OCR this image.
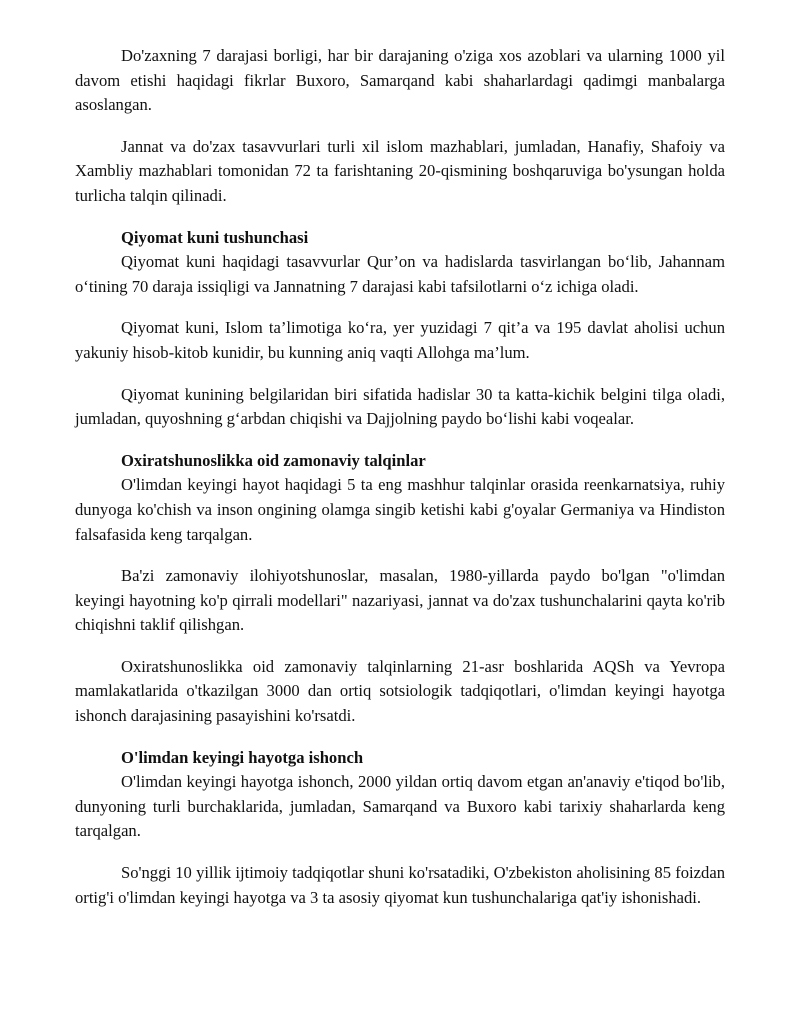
Do'zaxning 7 darajasi borligi, har bir darajaning o'ziga xos azoblari va ularning 1000 yil davom etishi haqidagi fikrlar Buxoro, Samarqand kabi shaharlardagi qadimgi manbalarga asoslangan.

Jannat va do'zax tasavvurlari turli xil islom mazhablari, jumladan, Hanafiy, Shafoiy va Xambliy mazhablari tomonidan 72 ta farishtaning 20-qismining boshqaruviga bo'ysungan holda turlicha talqin qilinadi.

Qiyomat kuni tushunchasi

Qiyomat kuni haqidagi tasavvurlar Qur’on va hadislarda tasvirlangan bo‘lib, Jahannam o‘tining 70 daraja issiqligi va Jannatning 7 darajasi kabi tafsilotlarni o‘z ichiga oladi.

Qiyomat kuni, Islom ta’limotiga ko‘ra, yer yuzidagi 7 qit’a va 195 davlat aholisi uchun yakuniy hisob-kitob kunidir, bu kunning aniq vaqti Allohga ma’lum.

Qiyomat kunining belgilaridan biri sifatida hadislar 30 ta katta-kichik belgini tilga oladi, jumladan, quyoshning g‘arbdan chiqishi va Dajjolning paydo bo‘lishi kabi voqealar.

Oxiratshunoslikka oid zamonaviy talqinlar

O'limdan keyingi hayot haqidagi 5 ta eng mashhur talqinlar orasida reenkarnatsiya, ruhiy dunyoga ko'chish va inson ongining olamga singib ketishi kabi g'oyalar Germaniya va Hindiston falsafasida keng tarqalgan.

Ba'zi zamonaviy ilohiyotshunoslar, masalan, 1980-yillarda paydo bo'lgan "o'limdan keyingi hayotning ko'p qirrali modellari" nazariyasi, jannat va do'zax tushunchalarini qayta ko'rib chiqishni taklif qilishgan.

Oxiratshunoslikka oid zamonaviy talqinlarning 21-asr boshlarida AQSh va Yevropa mamlakatlarida o'tkazilgan 3000 dan ortiq sotsiologik tadqiqotlari, o'limdan keyingi hayotga ishonch darajasining pasayishini ko'rsatdi.

O'limdan keyingi hayotga ishonch

O'limdan keyingi hayotga ishonch, 2000 yildan ortiq davom etgan an'anaviy e'tiqod bo'lib, dunyoning turli burchaklarida, jumladan, Samarqand va Buxoro kabi tarixiy shaharlarda keng tarqalgan.

So'nggi 10 yillik ijtimoiy tadqiqotlar shuni ko'rsatadiki, O'zbekiston aholisining 85 foizdan ortig'i o'limdan keyingi hayotga va 3 ta asosiy qiyomat kun tushunchalariga qat'iy ishonishadi.
